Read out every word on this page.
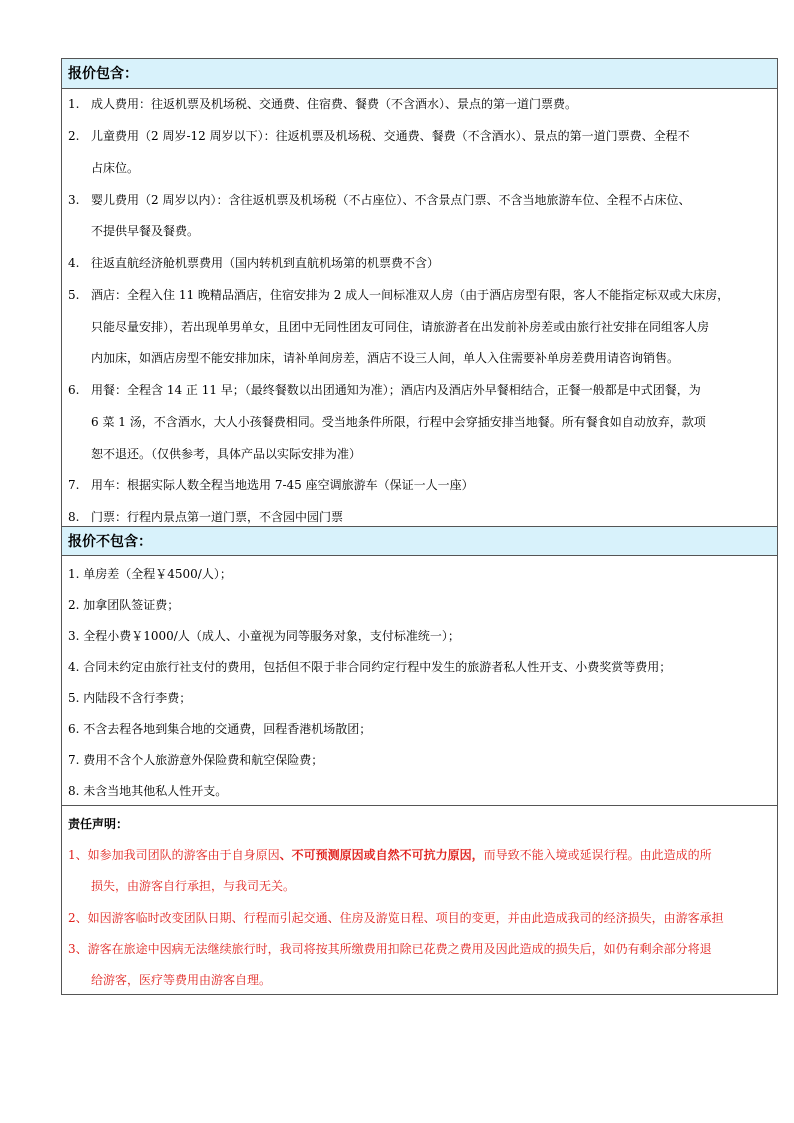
报价包含：
1. 成人费用：往返机票及机场税、交通费、住宿费、餐费（不含酒水）、景点的第一道门票费。
2. 儿童费用（2 周岁-12 周岁以下）：往返机票及机场税、交通费、餐费（不含酒水）、景点的第一道门票费、全程不
占床位。
3. 婴儿费用（2 周岁以内）：含往返机票及机场税（不占座位）、不含景点门票、不含当地旅游车位、全程不占床位、
不提供早餐及餐费。
4. 往返直航经济舱机票费用（国内转机到直航机场第的机票费不含）
5. 酒店：全程入住 11 晚精品酒店，住宿安排为 2 成人一间标准双人房（由于酒店房型有限，客人不能指定标双或大床房，
只能尽量安排），若出现单男单女，且团中无同性团友可同住，请旅游者在出发前补房差或由旅行社安排在同组客人房
内加床，如酒店房型不能安排加床，请补单间房差，酒店不设三人间，单人入住需要补单房差费用请咨询销售。
6. 用餐：全程含 14 正 11 早；（最终餐数以出团通知为准）；酒店内及酒店外早餐相结合，正餐一般都是中式团餐，为
6 菜 1 汤，不含酒水，大人小孩餐费相同。受当地条件所限，行程中会穿插安排当地餐。所有餐食如自动放弃，款项
恕不退还。（仅供参考，具体产品以实际安排为准）
7. 用车：根据实际人数全程当地选用 7-45 座空调旅游车（保证一人一座）
8. 门票：行程内景点第一道门票，不含园中园门票
报价不包含：
1. 单房差（全程￥4500/人）；
2. 加拿团队签证费；
3. 全程小费￥1000/人（成人、小童视为同等服务对象，支付标准统一）；
4. 合同未约定由旅行社支付的费用，包括但不限于非合同约定行程中发生的旅游者私人性开支、小费奖赏等费用；
5. 内陆段不含行李费；
6. 不含去程各地到集合地的交通费，回程香港机场散团；
7. 费用不含个人旅游意外保险费和航空保险费；
8. 未含当地其他私人性开支。
责任声明：
1、如参加我司团队的游客由于自身原因、不可预测原因或自然不可抗力原因，而导致不能入境或延误行程。由此造成的所
损失，由游客自行承担，与我司无关。
2、如因游客临时改变团队日期、行程而引起交通、住房及游览日程、项目的变更，并由此造成我司的经济损失，由游客承担
3、游客在旅途中因病无法继续旅行时，我司将按其所缴费用扣除已花费之费用及因此造成的损失后，如仍有剩余部分将退
给游客，医疗等费用由游客自理。
